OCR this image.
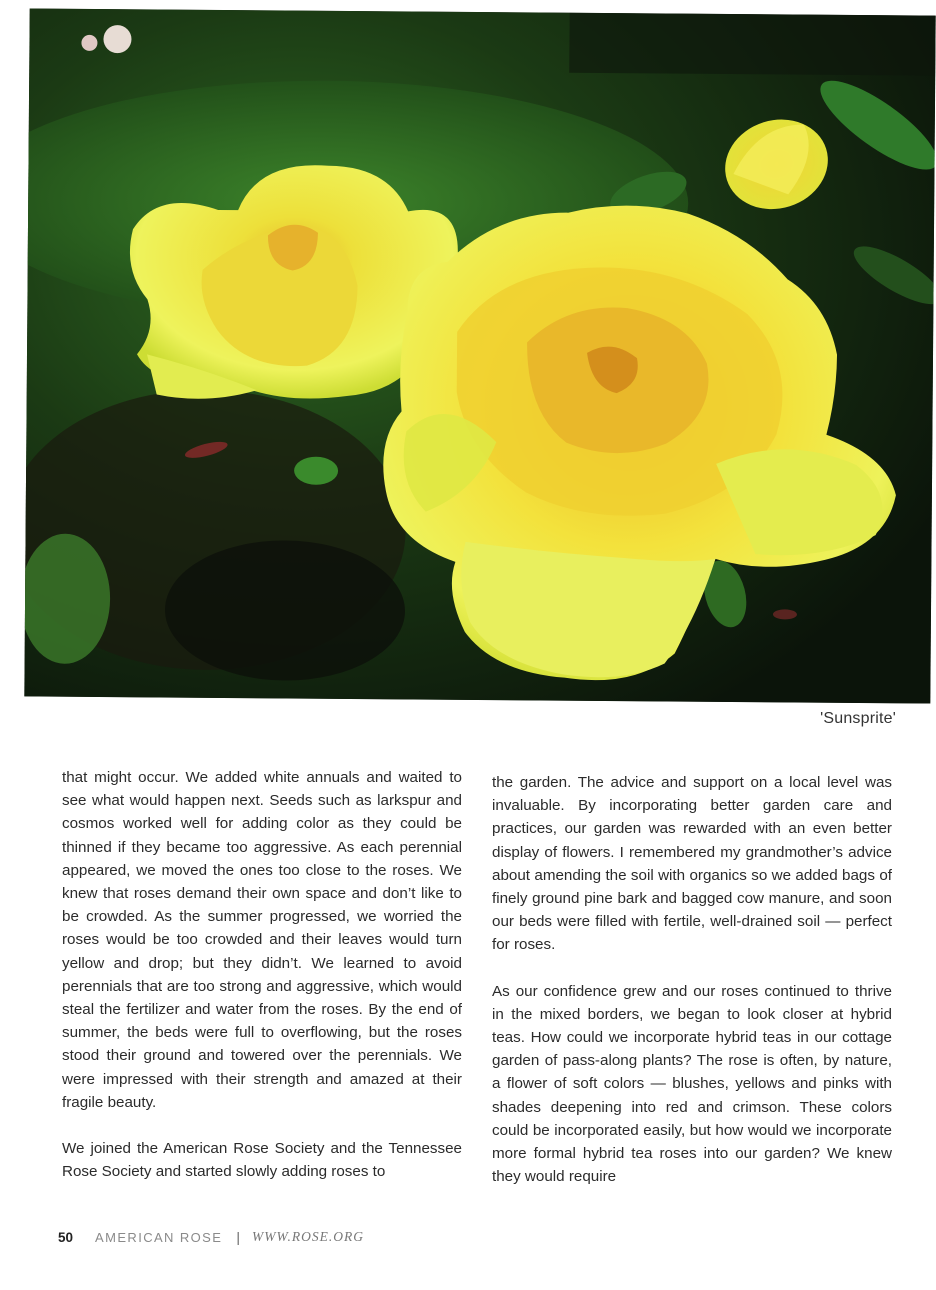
'Sunsprite'

that might occur. We added white annuals and waited to see what would happen next. Seeds such as larkspur and cosmos worked well for adding color as they could be thinned if they became too aggressive. As each perennial appeared, we moved the ones too close to the roses. We knew that roses demand their own space and don’t like to be crowded. As the summer progressed, we worried the roses would be too crowded and their leaves would turn yellow and drop; but they didn’t. We learned to avoid perennials that are too strong and aggressive, which would steal the fertilizer and water from the roses. By the end of summer, the beds were full to overflowing, but the roses stood their ground and towered over the perennials. We were impressed with their strength and amazed at their fragile beauty.

We joined the American Rose Society and the Tennessee Rose Society and started slowly adding roses to

the garden. The advice and support on a local level was invaluable. By incorporating better garden care and practices, our garden was rewarded with an even better display of flowers. I remembered my grandmother’s advice about amending the soil with organics so we added bags of finely ground pine bark and bagged cow manure, and soon our beds were filled with fertile, well-drained soil — perfect for roses.

As our confidence grew and our roses continued to thrive in the mixed borders, we began to look closer at hybrid teas. How could we incorporate hybrid teas in our cottage garden of pass-along plants? The rose is often, by nature, a flower of soft colors — blushes, yellows and pinks with shades deepening into red and crimson. These colors could be incorporated easily, but how would we incorporate more formal hybrid tea roses into our garden? We knew they would require

50 AMERICAN ROSE | WWW.ROSE.ORG
